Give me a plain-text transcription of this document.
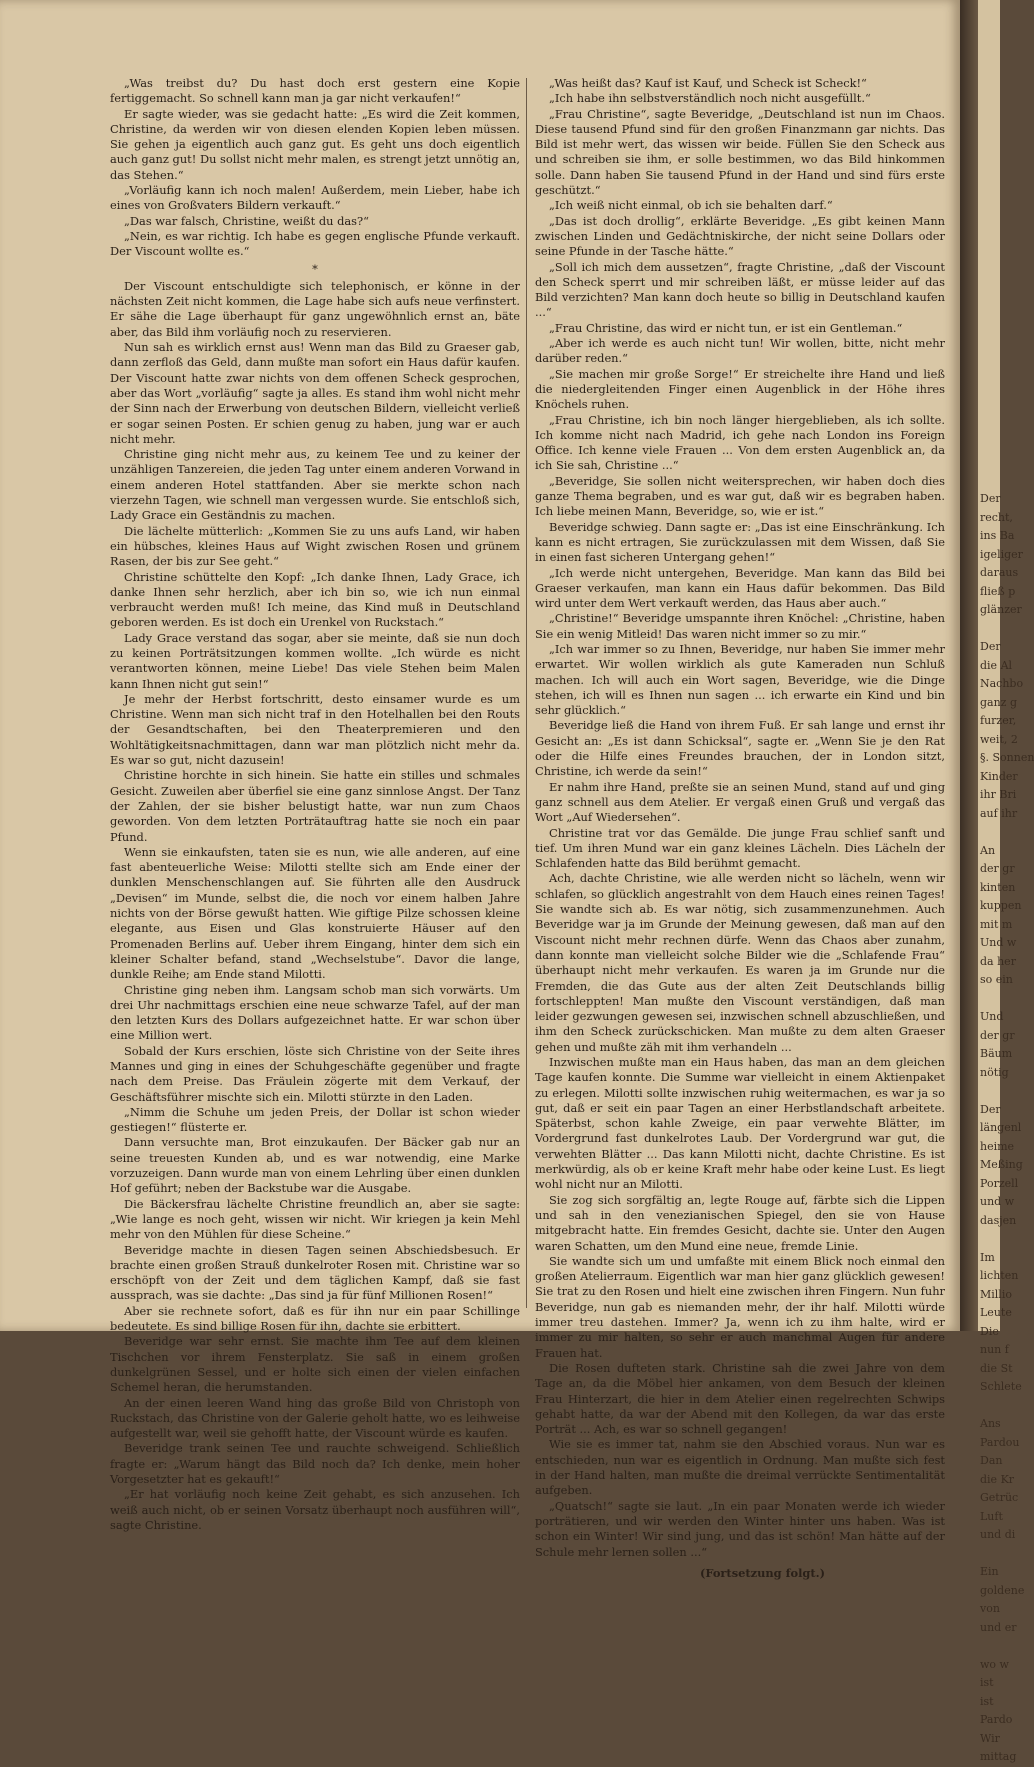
„Was treibst du? Du hast doch erst gestern eine Kopie fertiggemacht. So schnell kann man ja gar nicht verkaufen!“

Er sagte wieder, was sie gedacht hatte: „Es wird die Zeit kommen, Christine, da werden wir von diesen elenden Kopien leben müssen. Sie gehen ja eigentlich auch ganz gut. Es geht uns doch eigentlich auch ganz gut! Du sollst nicht mehr malen, es strengt jetzt unnötig an, das Stehen.“

„Vorläufig kann ich noch malen! Außerdem, mein Lieber, habe ich eines von Großvaters Bildern verkauft.“

„Das war falsch, Christine, weißt du das?“

„Nein, es war richtig. Ich habe es gegen englische Pfunde verkauft. Der Viscount wollte es.“

*

Der Viscount entschuldigte sich telephonisch, er könne in der nächsten Zeit nicht kommen, die Lage habe sich aufs neue verfinstert. Er sähe die Lage überhaupt für ganz ungewöhnlich ernst an, bäte aber, das Bild ihm vorläufig noch zu reservieren.

Nun sah es wirklich ernst aus! Wenn man das Bild zu Graeser gab, dann zerfloß das Geld, dann mußte man sofort ein Haus dafür kaufen. Der Viscount hatte zwar nichts von dem offenen Scheck gesprochen, aber das Wort „vorläufig“ sagte ja alles. Es stand ihm wohl nicht mehr der Sinn nach der Erwerbung von deutschen Bildern, vielleicht verließ er sogar seinen Posten. Er schien genug zu haben, jung war er auch nicht mehr.

Christine ging nicht mehr aus, zu keinem Tee und zu keiner der unzähligen Tanzereien, die jeden Tag unter einem anderen Vorwand in einem anderen Hotel stattfanden. Aber sie merkte schon nach vierzehn Tagen, wie schnell man vergessen wurde. Sie entschloß sich, Lady Grace ein Geständnis zu machen.

Die lächelte mütterlich: „Kommen Sie zu uns aufs Land, wir haben ein hübsches, kleines Haus auf Wight zwischen Rosen und grünem Rasen, der bis zur See geht.“

Christine schüttelte den Kopf: „Ich danke Ihnen, Lady Grace, ich danke Ihnen sehr herzlich, aber ich bin so, wie ich nun einmal verbraucht werden muß! Ich meine, das Kind muß in Deutschland geboren werden. Es ist doch ein Urenkel von Ruckstach.“

Lady Grace verstand das sogar, aber sie meinte, daß sie nun doch zu keinen Porträtsitzungen kommen wollte. „Ich würde es nicht verantworten können, meine Liebe! Das viele Stehen beim Malen kann Ihnen nicht gut sein!“

Je mehr der Herbst fortschritt, desto einsamer wurde es um Christine. Wenn man sich nicht traf in den Hotelhallen bei den Routs der Gesandtschaften, bei den Theaterpremieren und den Wohltätigkeitsnachmittagen, dann war man plötzlich nicht mehr da. Es war so gut, nicht dazusein!

Christine horchte in sich hinein. Sie hatte ein stilles und schmales Gesicht. Zuweilen aber überfiel sie eine ganz sinnlose Angst. Der Tanz der Zahlen, der sie bisher belustigt hatte, war nun zum Chaos geworden. Von dem letzten Porträtauftrag hatte sie noch ein paar Pfund.

Wenn sie einkaufsten, taten sie es nun, wie alle anderen, auf eine fast abenteuerliche Weise: Milotti stellte sich am Ende einer der dunklen Menschenschlangen auf. Sie führten alle den Ausdruck „Devisen“ im Munde, selbst die, die noch vor einem halben Jahre nichts von der Börse gewußt hatten. Wie giftige Pilze schossen kleine elegante, aus Eisen und Glas konstruierte Häuser auf den Promenaden Berlins auf. Ueber ihrem Eingang, hinter dem sich ein kleiner Schalter befand, stand „Wechselstube“. Davor die lange, dunkle Reihe; am Ende stand Milotti.

Christine ging neben ihm. Langsam schob man sich vorwärts. Um drei Uhr nachmittags erschien eine neue schwarze Tafel, auf der man den letzten Kurs des Dollars aufgezeichnet hatte. Er war schon über eine Million wert.

Sobald der Kurs erschien, löste sich Christine von der Seite ihres Mannes und ging in eines der Schuhgeschäfte gegenüber und fragte nach dem Preise. Das Fräulein zögerte mit dem Verkauf, der Geschäftsführer mischte sich ein. Milotti stürzte in den Laden.

„Nimm die Schuhe um jeden Preis, der Dollar ist schon wieder gestiegen!“ flüsterte er.

Dann versuchte man, Brot einzukaufen. Der Bäcker gab nur an seine treuesten Kunden ab, und es war notwendig, eine Marke vorzuzeigen. Dann wurde man von einem Lehrling über einen dunklen Hof geführt; neben der Backstube war die Ausgabe.

Die Bäckersfrau lächelte Christine freundlich an, aber sie sagte: „Wie lange es noch geht, wissen wir nicht. Wir kriegen ja kein Mehl mehr von den Mühlen für diese Scheine.“

Beveridge machte in diesen Tagen seinen Abschiedsbesuch. Er brachte einen großen Strauß dunkelroter Rosen mit. Christine war so erschöpft von der Zeit und dem täglichen Kampf, daß sie fast aussprach, was sie dachte: „Das sind ja für fünf Millionen Rosen!“

Aber sie rechnete sofort, daß es für ihn nur ein paar Schillinge bedeutete. Es sind billige Rosen für ihn, dachte sie erbittert.

Beveridge war sehr ernst. Sie machte ihm Tee auf dem kleinen Tischchen vor ihrem Fensterplatz. Sie saß in einem großen dunkelgrünen Sessel, und er holte sich einen der vielen einfachen Schemel heran, die herumstanden.

An der einen leeren Wand hing das große Bild von Christoph von Ruckstach, das Christine von der Galerie geholt hatte, wo es leihweise aufgestellt war, weil sie gehofft hatte, der Viscount würde es kaufen.

Beveridge trank seinen Tee und rauchte schweigend. Schließlich fragte er: „Warum hängt das Bild noch da? Ich denke, mein hoher Vorgesetzter hat es gekauft!“

„Er hat vorläufig noch keine Zeit gehabt, es sich anzusehen. Ich weiß auch nicht, ob er seinen Vorsatz überhaupt noch ausführen will“, sagte Christine.

„Was heißt das? Kauf ist Kauf, und Scheck ist Scheck!“

„Ich habe ihn selbstverständlich noch nicht ausgefüllt.“

„Frau Christine“, sagte Beveridge, „Deutschland ist nun im Chaos. Diese tausend Pfund sind für den großen Finanzmann gar nichts. Das Bild ist mehr wert, das wissen wir beide. Füllen Sie den Scheck aus und schreiben sie ihm, er solle bestimmen, wo das Bild hinkommen solle. Dann haben Sie tausend Pfund in der Hand und sind fürs erste geschützt.“

„Ich weiß nicht einmal, ob ich sie behalten darf.“

„Das ist doch drollig“, erklärte Beveridge. „Es gibt keinen Mann zwischen Linden und Gedächtniskirche, der nicht seine Dollars oder seine Pfunde in der Tasche hätte.“

„Soll ich mich dem aussetzen“, fragte Christine, „daß der Viscount den Scheck sperrt und mir schreiben läßt, er müsse leider auf das Bild verzichten? Man kann doch heute so billig in Deutschland kaufen ...“

„Frau Christine, das wird er nicht tun, er ist ein Gentleman.“

„Aber ich werde es auch nicht tun! Wir wollen, bitte, nicht mehr darüber reden.“

„Sie machen mir große Sorge!“ Er streichelte ihre Hand und ließ die niedergleitenden Finger einen Augenblick in der Höhe ihres Knöchels ruhen.

„Frau Christine, ich bin noch länger hiergeblieben, als ich sollte. Ich komme nicht nach Madrid, ich gehe nach London ins Foreign Office. Ich kenne viele Frauen ... Von dem ersten Augenblick an, da ich Sie sah, Christine ...“

„Beveridge, Sie sollen nicht weitersprechen, wir haben doch dies ganze Thema begraben, und es war gut, daß wir es begraben haben. Ich liebe meinen Mann, Beveridge, so, wie er ist.“

Beveridge schwieg. Dann sagte er: „Das ist eine Einschränkung. Ich kann es nicht ertragen, Sie zurückzulassen mit dem Wissen, daß Sie in einen fast sicheren Untergang gehen!“

„Ich werde nicht untergehen, Beveridge. Man kann das Bild bei Graeser verkaufen, man kann ein Haus dafür bekommen. Das Bild wird unter dem Wert verkauft werden, das Haus aber auch.“

„Christine!“ Beveridge umspannte ihren Knöchel: „Christine, haben Sie ein wenig Mitleid! Das waren nicht immer so zu mir.“

„Ich war immer so zu Ihnen, Beveridge, nur haben Sie immer mehr erwartet. Wir wollen wirklich als gute Kameraden nun Schluß machen. Ich will auch ein Wort sagen, Beveridge, wie die Dinge stehen, ich will es Ihnen nun sagen ... ich erwarte ein Kind und bin sehr glücklich.“

Beveridge ließ die Hand von ihrem Fuß. Er sah lange und ernst ihr Gesicht an: „Es ist dann Schicksal“, sagte er. „Wenn Sie je den Rat oder die Hilfe eines Freundes brauchen, der in London sitzt, Christine, ich werde da sein!“

Er nahm ihre Hand, preßte sie an seinen Mund, stand auf und ging ganz schnell aus dem Atelier. Er vergaß einen Gruß und vergaß das Wort „Auf Wiedersehen“.

Christine trat vor das Gemälde. Die junge Frau schlief sanft und tief. Um ihren Mund war ein ganz kleines Lächeln. Dies Lächeln der Schlafenden hatte das Bild berühmt gemacht.

Ach, dachte Christine, wie alle werden nicht so lächeln, wenn wir schlafen, so glücklich angestrahlt von dem Hauch eines reinen Tages! Sie wandte sich ab. Es war nötig, sich zusammenzunehmen. Auch Beveridge war ja im Grunde der Meinung gewesen, daß man auf den Viscount nicht mehr rechnen dürfe. Wenn das Chaos aber zunahm, dann konnte man vielleicht solche Bilder wie die „Schlafende Frau“ überhaupt nicht mehr verkaufen. Es waren ja im Grunde nur die Fremden, die das Gute aus der alten Zeit Deutschlands billig fortschleppten! Man mußte den Viscount verständigen, daß man leider gezwungen gewesen sei, inzwischen schnell abzuschließen, und ihm den Scheck zurückschicken. Man mußte zu dem alten Graeser gehen und mußte zäh mit ihm verhandeln ...

Inzwischen mußte man ein Haus haben, das man an dem gleichen Tage kaufen konnte. Die Summe war vielleicht in einem Aktienpaket zu erlegen. Milotti sollte inzwischen ruhig weitermachen, es war ja so gut, daß er seit ein paar Tagen an einer Herbstlandschaft arbeitete. Späterbst, schon kahle Zweige, ein paar verwehte Blätter, im Vordergrund fast dunkelrotes Laub. Der Vordergrund war gut, die verwehten Blätter ... Das kann Milotti nicht, dachte Christine. Es ist merkwürdig, als ob er keine Kraft mehr habe oder keine Lust. Es liegt wohl nicht nur an Milotti.

Sie zog sich sorgfältig an, legte Rouge auf, färbte sich die Lippen und sah in den venezianischen Spiegel, den sie von Hause mitgebracht hatte. Ein fremdes Gesicht, dachte sie. Unter den Augen waren Schatten, um den Mund eine neue, fremde Linie.

Sie wandte sich um und umfaßte mit einem Blick noch einmal den großen Atelierraum. Eigentlich war man hier ganz glücklich gewesen! Sie trat zu den Rosen und hielt eine zwischen ihren Fingern. Nun fuhr Beveridge, nun gab es niemanden mehr, der ihr half. Milotti würde immer treu dastehen. Immer? Ja, wenn ich zu ihm halte, wird er immer zu mir halten, so sehr er auch manchmal Augen für andere Frauen hat.

Die Rosen dufteten stark. Christine sah die zwei Jahre von dem Tage an, da die Möbel hier ankamen, von dem Besuch der kleinen Frau Hinterzart, die hier in dem Atelier einen regelrechten Schwips gehabt hatte, da war der Abend mit den Kollegen, da war das erste Porträt ... Ach, es war so schnell gegangen!

Wie sie es immer tat, nahm sie den Abschied voraus. Nun war es entschieden, nun war es eigentlich in Ordnung. Man mußte sich fest in der Hand halten, man mußte die dreimal verrückte Sentimentalität aufgeben.

„Quatsch!“ sagte sie laut. „In ein paar Monaten werde ich wieder porträtieren, und wir werden den Winter hinter uns haben. Was ist schon ein Winter! Wir sind jung, und das ist schön! Man hätte auf der Schule mehr lernen sollen ...“

(Fortsetzung folgt.)

Der
recht,
ins Ba
igeliger
daraus
fließ p
glänzer

Der
die Al
Nachbo
ganz g
furzer,
weit, 2
§. Sonnen
Kinder
ihr Bri
auf ihr

An
der gr
kinten
kuppen
mit m
Und w
da her
so ein

Und
der gr
Bäum
nötig

Der
längenl
heime
Meßing
Porzell
und w
dasjen

Im
lichten
Millio
Leute
Die
nun f
die St
Schlete

Ans
Pardou
Dan
die Kr
Getrüc
Luft
und di

Ein
goldene
von
und er

wo w
ist
ist
Pardo
Wir
mittag
